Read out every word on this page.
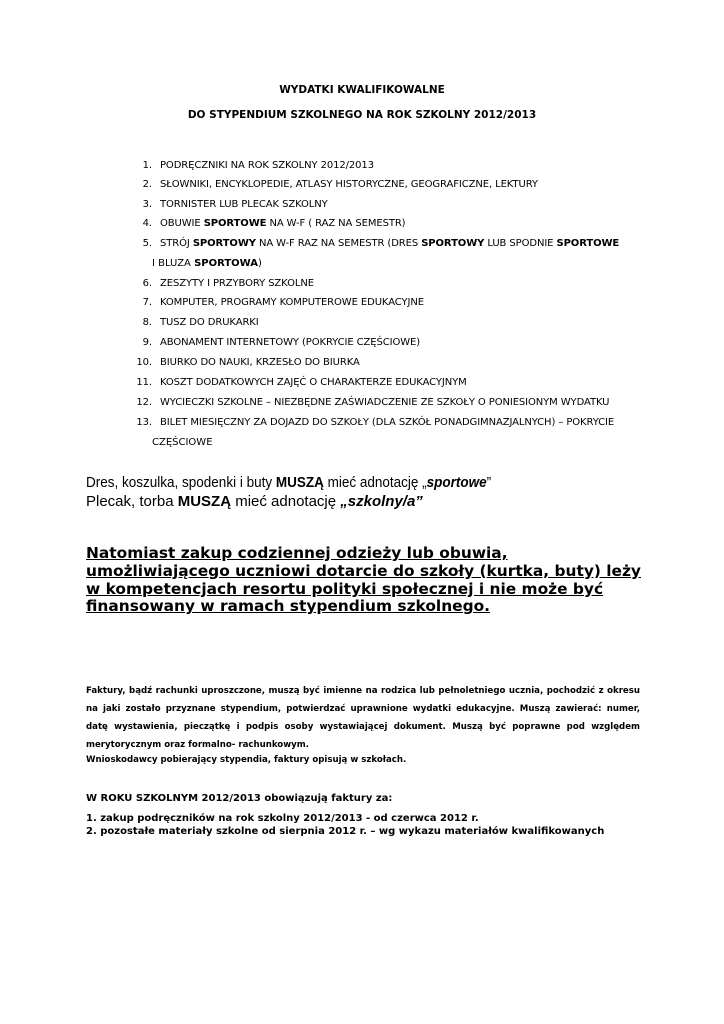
WYDATKI KWALIFIKOWALNE
DO STYPENDIUM SZKOLNEGO NA ROK SZKOLNY 2012/2013
1. PODRĘCZNIKI NA ROK SZKOLNY 2012/2013
2. SŁOWNIKI, ENCYKLOPEDIE, ATLASY HISTORYCZNE, GEOGRAFICZNE, LEKTURY
3. TORNISTER LUB PLECAK SZKOLNY
4. OBUWIE SPORTOWE NA W-F ( RAZ NA SEMESTR)
5. STRÓJ SPORTOWY NA W-F RAZ NA SEMESTR (DRES SPORTOWY LUB SPODNIE SPORTOWE
I BLUZA SPORTOWA)
6. ZESZYTY I PRZYBORY SZKOLNE
7. KOMPUTER, PROGRAMY KOMPUTEROWE EDUKACYJNE
8. TUSZ DO DRUKARKI
9. ABONAMENT INTERNETOWY (POKRYCIE CZĘŚCIOWE)
10. BIURKO DO NAUKI, KRZESŁO DO BIURKA
11. KOSZT DODATKOWYCH ZAJĘĆ O CHARAKTERZE EDUKACYJNYM
12. WYCIECZKI SZKOLNE – NIEZBĘDNE ZAŚWIADCZENIE ZE SZKOŁY O PONIESIONYM WYDATKU
13. BILET MIESIĘCZNY ZA DOJAZD DO SZKOŁY (DLA SZKÓŁ PONADGIMNAZJALNYCH) – POKRYCIE
CZĘŚCIOWE
Dres, koszulka, spodenki i buty MUSZĄ mieć adnotację „sportowe”
Plecak, torba MUSZĄ mieć adnotację „szkolny/a”
Natomiast zakup codziennej odzieży lub obuwia, umożliwiającego uczniowi dotarcie do szkoły (kurtka, buty) leży w kompetencjach resortu polityki społecznej i nie może być finansowany w ramach stypendium szkolnego.

Faktury, bądź rachunki uproszczone, muszą być imienne na rodzica lub pełnoletniego ucznia, pochodzić z okresu na jaki zostało przyznane stypendium, potwierdzać uprawnione wydatki edukacyjne. Muszą zawierać: numer, datę wystawienia, pieczątkę i podpis osoby wystawiającej dokument. Muszą być poprawne pod względem merytorycznym oraz formalno- rachunkowym.

Wnioskodawcy pobierający stypendia, faktury opisują w szkołach.

W ROKU SZKOLNYM 2012/2013 obowiązują faktury za:
1. zakup podręczników na rok szkolny 2012/2013 - od czerwca 2012 r.
2. pozostałe materiały szkolne od sierpnia 2012 r. – wg wykazu materiałów kwalifikowanych
